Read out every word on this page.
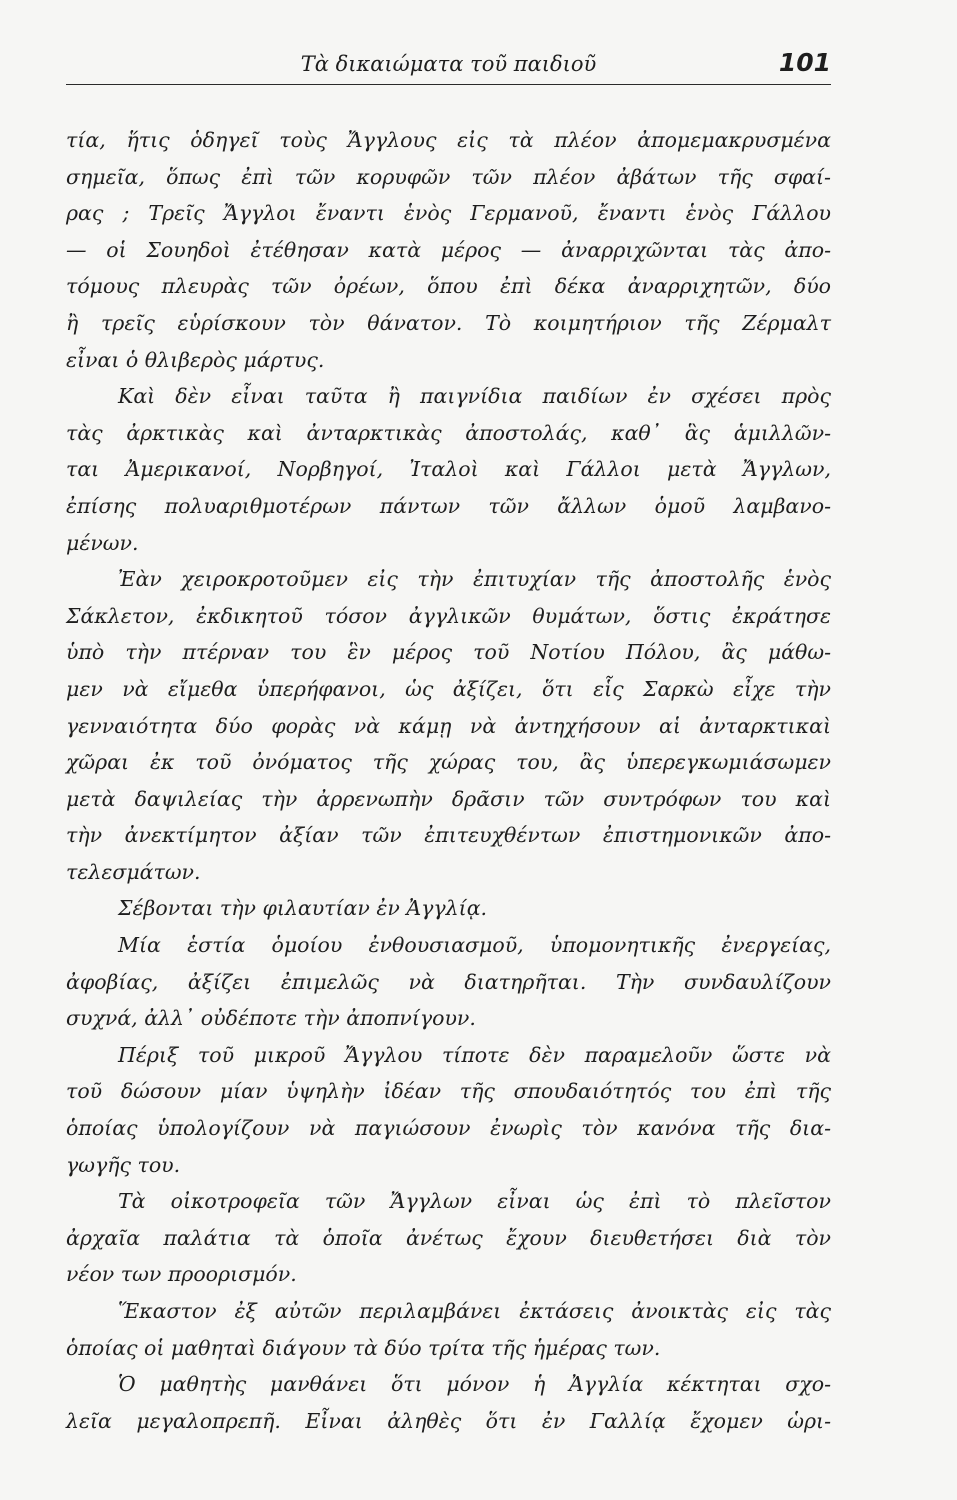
Τὰ δικαιώματα τοῦ παιδιοῦ	101
τία, ἥτις ὁδηγεῖ τοὺς Ἄγγλους εἰς τὰ πλέον ἀπομεμακρυσμένα
σημεῖα, ὅπως ἐπὶ τῶν κορυφῶν τῶν πλέον ἀβάτων τῆς σφαί-
ρας ; Τρεῖς Ἄγγλοι ἔναντι ἑνὸς Γερμανοῦ, ἔναντι ἑνὸς Γάλλου
— οἱ Σουηδοὶ ἐτέθησαν κατὰ μέρος — ἀναρριχῶνται τὰς ἀπο-
τόμους πλευρὰς τῶν ὀρέων, ὅπου ἐπὶ δέκα ἀναρριχητῶν, δύο
ἢ τρεῖς εὑρίσκουν τὸν θάνατον. Τὸ κοιμητήριον τῆς Ζέρμαλτ
εἶναι ὁ θλιβερὸς μάρτυς.
Καὶ δὲν εἶναι ταῦτα ἢ παιγνίδια παιδίων ἐν σχέσει πρὸς
τὰς ἀρκτικὰς καὶ ἀνταρκτικὰς ἀποστολάς, καθ᾽ ἃς ἁμιλλῶν-
ται Ἀμερικανοί, Νορβηγοί, Ἰταλοὶ καὶ Γάλλοι μετὰ Ἄγγλων,
ἐπίσης πολυαριθμοτέρων πάντων τῶν ἄλλων ὁμοῦ λαμβανο-
μένων.
Ἐὰν χειροκροτοῦμεν εἰς τὴν ἐπιτυχίαν τῆς ἀποστολῆς ἑνὸς
Σάκλετον, ἐκδικητοῦ τόσον ἀγγλικῶν θυμάτων, ὅστις ἐκράτησε
ὑπὸ τὴν πτέρναν του ἓν μέρος τοῦ Νοτίου Πόλου, ἂς μάθω-
μεν νὰ εἴμεθα ὑπερήφανοι, ὡς ἀξίζει, ὅτι εἷς Σαρκὼ εἶχε τὴν
γενναιότητα δύο φορὰς νὰ κάμῃ νὰ ἀντηχήσουν αἱ ἀνταρκτικαὶ
χῶραι ἐκ τοῦ ὀνόματος τῆς χώρας του, ἂς ὑπερεγκωμιάσωμεν
μετὰ δαψιλείας τὴν ἀρρενωπὴν δρᾶσιν τῶν συντρόφων του καὶ
τὴν ἀνεκτίμητον ἀξίαν τῶν ἐπιτευχθέντων ἐπιστημονικῶν ἀπο-
τελεσμάτων.
Σέβονται τὴν φιλαυτίαν ἐν Ἀγγλίᾳ.
Μία ἑστία ὁμοίου ἐνθουσιασμοῦ, ὑπομονητικῆς ἐνεργείας,
ἀφοβίας, ἀξίζει ἐπιμελῶς νὰ διατηρῆται. Τὴν συνδαυλίζουν
συχνά, ἀλλ᾽ οὐδέποτε τὴν ἀποπνίγουν.
Πέριξ τοῦ μικροῦ Ἄγγλου τίποτε δὲν παραμελοῦν ὥστε νὰ
τοῦ δώσουν μίαν ὑψηλὴν ἰδέαν τῆς σπουδαιότητός του ἐπὶ τῆς
ὁποίας ὑπολογίζουν νὰ παγιώσουν ἐνωρὶς τὸν κανόνα τῆς δια-
γωγῆς του.
Τὰ οἰκοτροφεῖα τῶν Ἄγγλων εἶναι ὡς ἐπὶ τὸ πλεῖστον
ἀρχαῖα παλάτια τὰ ὁποῖα ἀνέτως ἔχουν διευθετήσει διὰ τὸν
νέον των προορισμόν.
Ἕκαστον ἐξ αὐτῶν περιλαμβάνει ἐκτάσεις ἀνοικτὰς εἰς τὰς
ὁποίας οἱ μαθηταὶ διάγουν τὰ δύο τρίτα τῆς ἡμέρας των.
Ὁ μαθητὴς μανθάνει ὅτι μόνον ἡ Ἀγγλία κέκτηται σχο-
λεῖα μεγαλοπρεπῆ. Εἶναι ἀληθὲς ὅτι ἐν Γαλλίᾳ ἔχομεν ὡρι-
